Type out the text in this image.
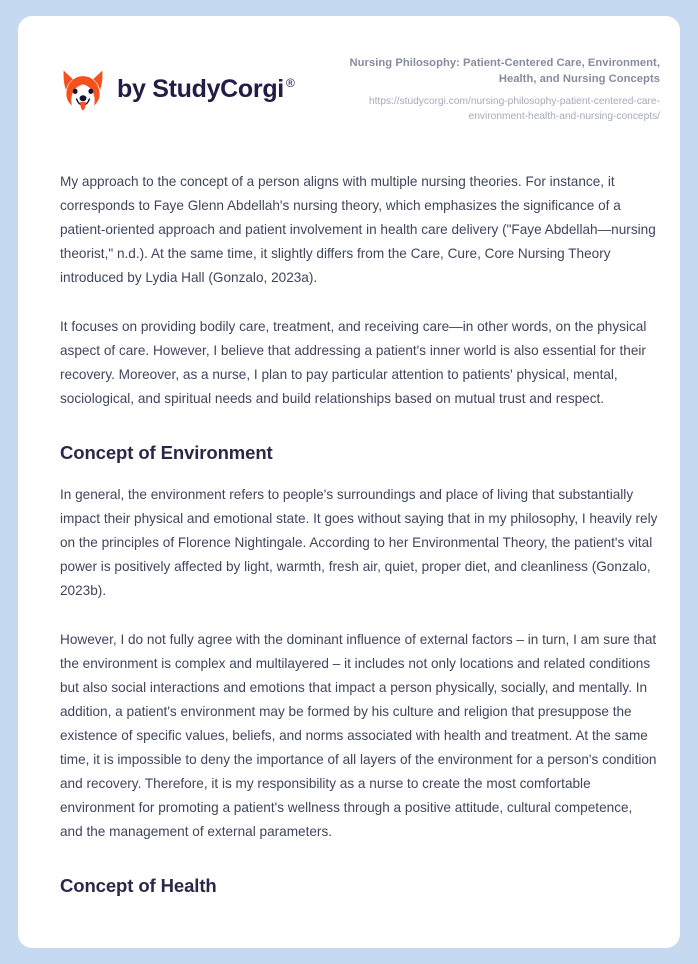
by StudyCorgi ®
Nursing Philosophy: Patient-Centered Care, Environment, Health, and Nursing Concepts
https://studycorgi.com/nursing-philosophy-patient-centered-care-environment-health-and-nursing-concepts/

My approach to the concept of a person aligns with multiple nursing theories. For instance, it corresponds to Faye Glenn Abdellah's nursing theory, which emphasizes the significance of a patient-oriented approach and patient involvement in health care delivery ("Faye Abdellah—nursing theorist," n.d.). At the same time, it slightly differs from the Care, Cure, Core Nursing Theory introduced by Lydia Hall (Gonzalo, 2023a).

It focuses on providing bodily care, treatment, and receiving care—in other words, on the physical aspect of care. However, I believe that addressing a patient's inner world is also essential for their recovery. Moreover, as a nurse, I plan to pay particular attention to patients' physical, mental, sociological, and spiritual needs and build relationships based on mutual trust and respect.

Concept of Environment

In general, the environment refers to people's surroundings and place of living that substantially impact their physical and emotional state. It goes without saying that in my philosophy, I heavily rely on the principles of Florence Nightingale. According to her Environmental Theory, the patient's vital power is positively affected by light, warmth, fresh air, quiet, proper diet, and cleanliness (Gonzalo, 2023b).

However, I do not fully agree with the dominant influence of external factors – in turn, I am sure that the environment is complex and multilayered – it includes not only locations and related conditions but also social interactions and emotions that impact a person physically, socially, and mentally. In addition, a patient's environment may be formed by his culture and religion that presuppose the existence of specific values, beliefs, and norms associated with health and treatment. At the same time, it is impossible to deny the importance of all layers of the environment for a person's condition and recovery. Therefore, it is my responsibility as a nurse to create the most comfortable environment for promoting a patient's wellness through a positive attitude, cultural competence, and the management of external parameters.

Concept of Health
